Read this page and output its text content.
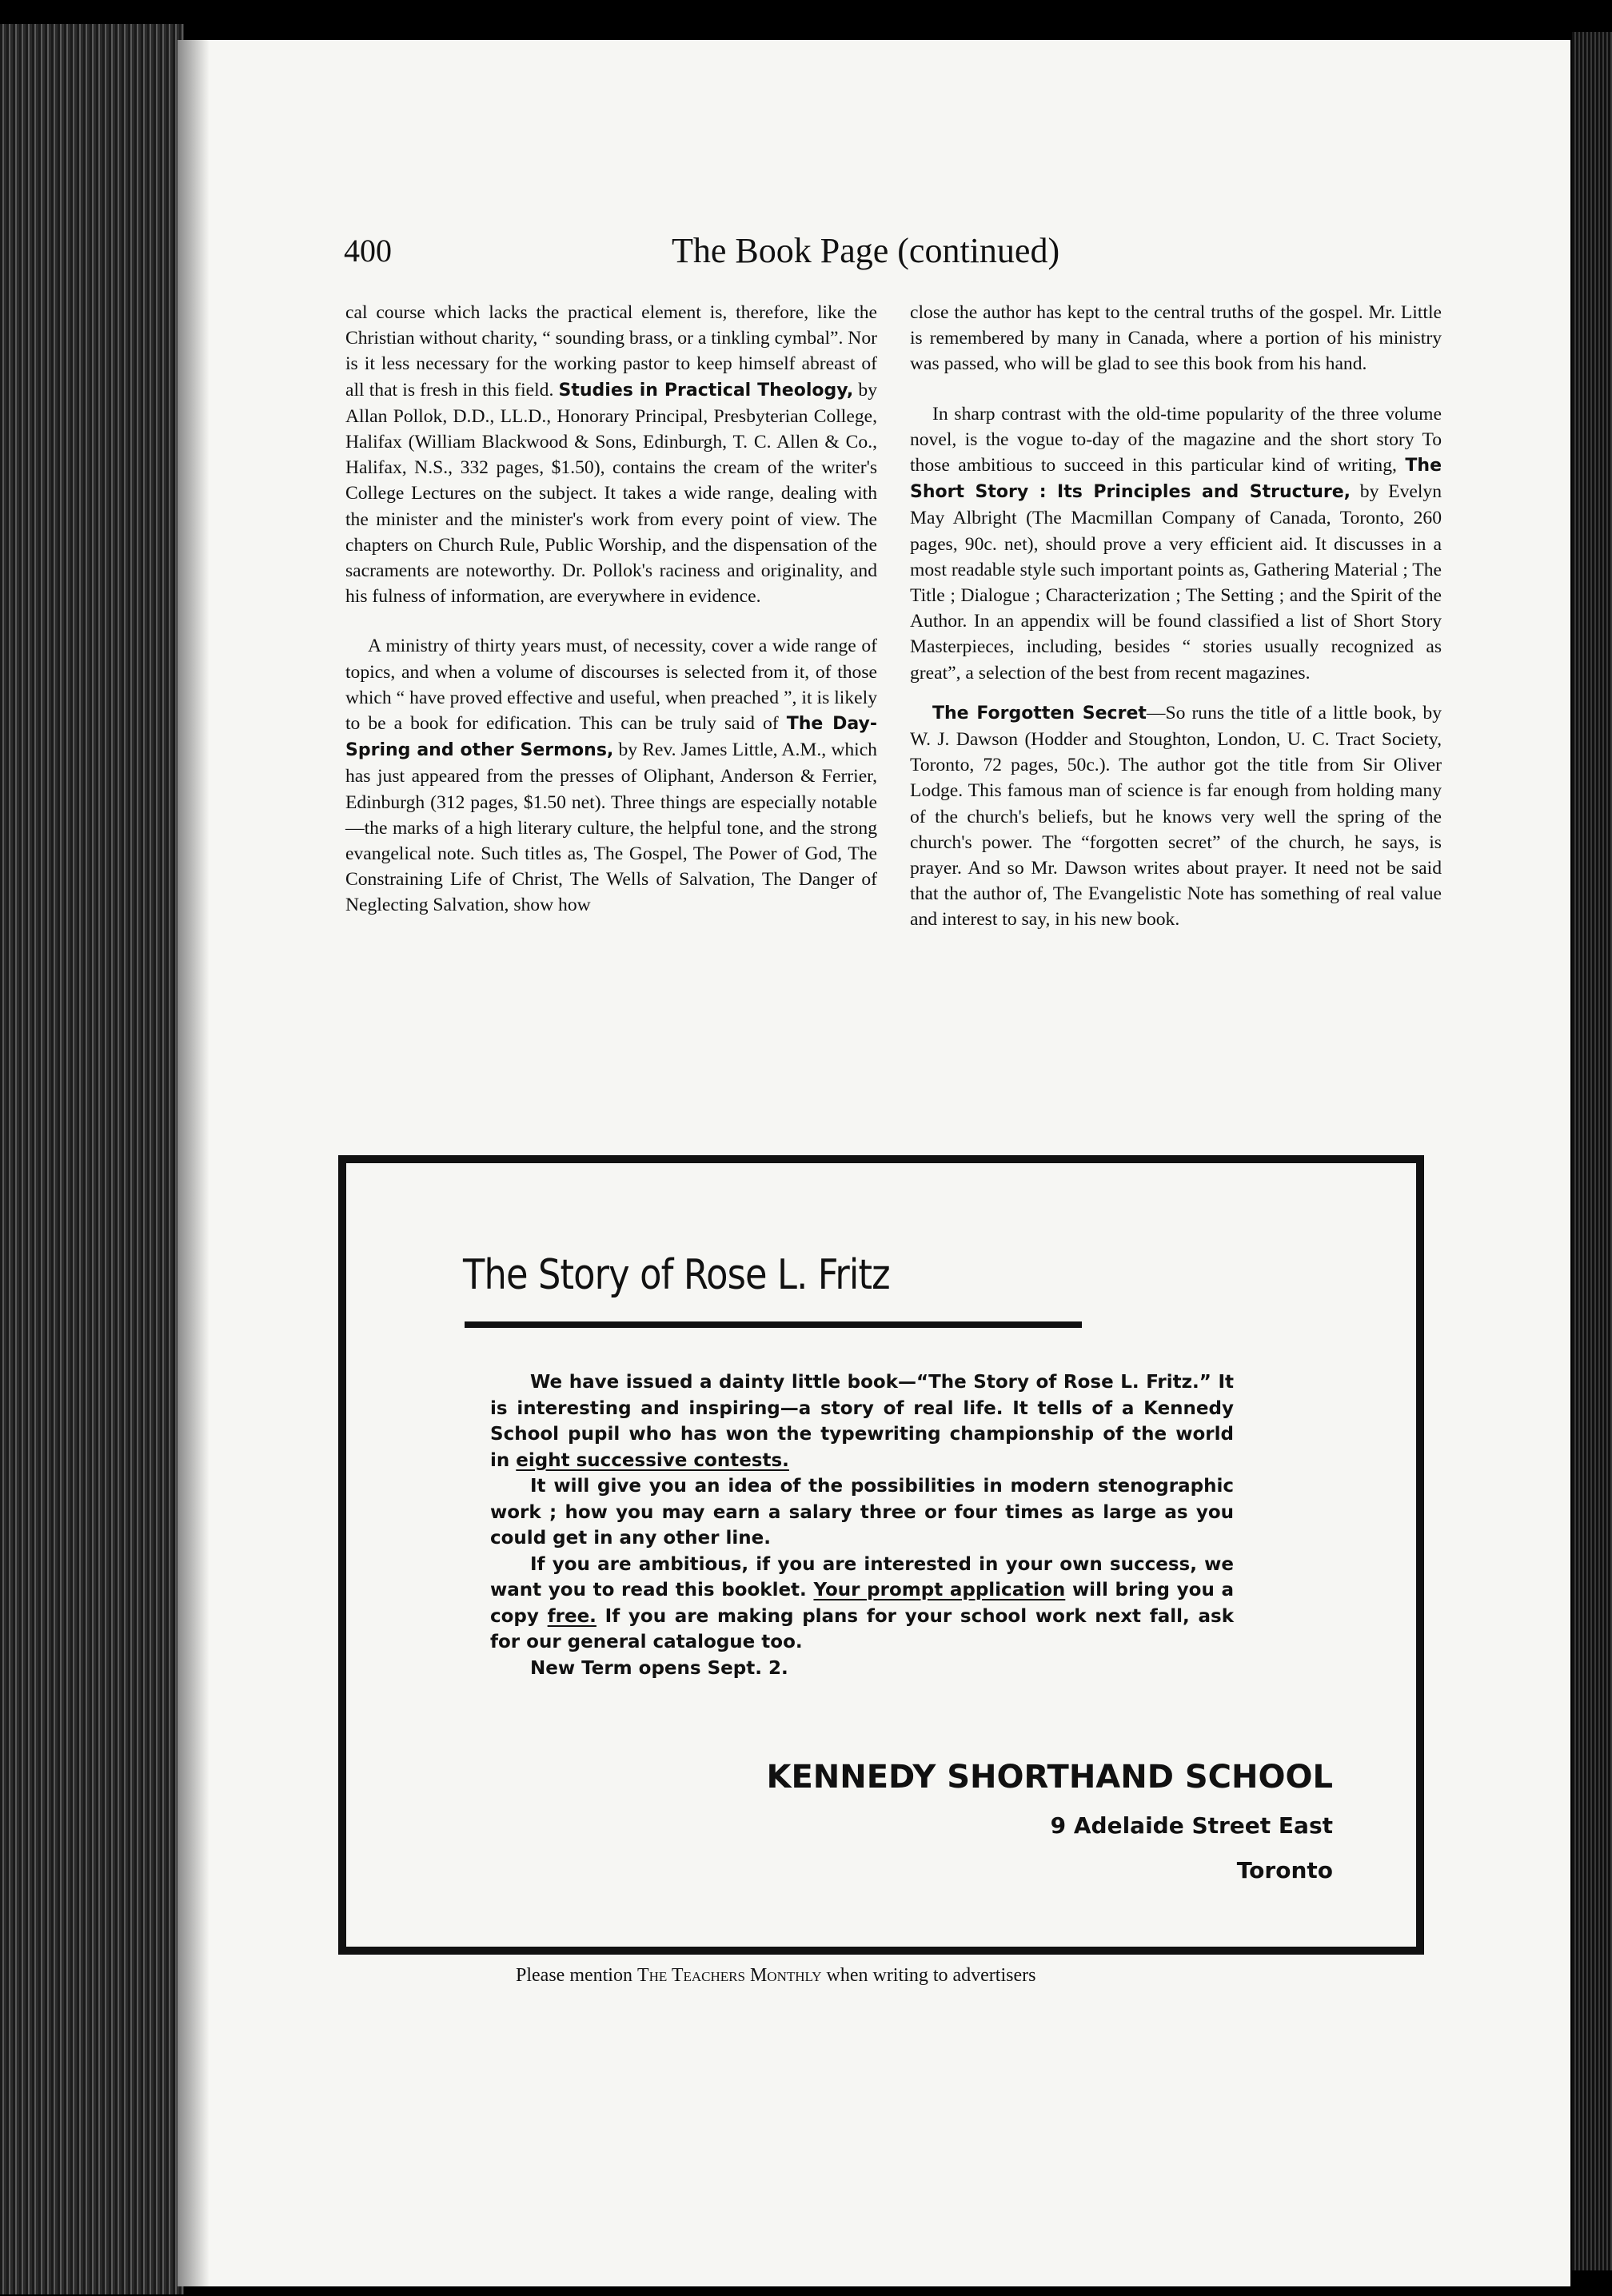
400	The Book Page (continued)

cal course which lacks the practical element is, therefore, like the Christian without charity, “ sounding brass, or a tinkling cymbal”. Nor is it less necessary for the working pastor to keep himself abreast of all that is fresh in this field. Studies in Practical Theology, by Allan Pollok, D.D., LL.D., Honorary Principal, Presbyterian College, Halifax (William Blackwood & Sons, Edinburgh, T. C. Allen & Co., Halifax, N.S., 332 pages, $1.50), contains the cream of the writer's College Lectures on the subject. It takes a wide range, dealing with the minister and the minister's work from every point of view. The chapters on Church Rule, Public Worship, and the dispensation of the sacraments are noteworthy. Dr. Pollok's raciness and originality, and his fulness of information, are everywhere in evidence.

A ministry of thirty years must, of necessity, cover a wide range of topics, and when a volume of discourses is selected from it, of those which “ have proved effective and useful, when preached ”, it is likely to be a book for edification. This can be truly said of The Day-Spring and other Sermons, by Rev. James Little, A.M., which has just appeared from the presses of Oliphant, Anderson & Ferrier, Edinburgh (312 pages, $1.50 net). Three things are especially notable—the marks of a high literary culture, the helpful tone, and the strong evangelical note. Such titles as, The Gospel, The Power of God, The Constraining Life of Christ, The Wells of Salvation, The Danger of Neglecting Salvation, show how

close the author has kept to the central truths of the gospel. Mr. Little is remembered by many in Canada, where a portion of his ministry was passed, who will be glad to see this book from his hand.

In sharp contrast with the old-time popularity of the three volume novel, is the vogue to-day of the magazine and the short story To those ambitious to succeed in this particular kind of writing, The Short Story : Its Principles and Structure, by Evelyn May Albright (The Macmillan Company of Canada, Toronto, 260 pages, 90c. net), should prove a very efficient aid. It discusses in a most readable style such important points as, Gathering Material ; The Title ; Dialogue ; Characterization ; The Setting ; and the Spirit of the Author. In an appendix will be found classified a list of Short Story Masterpieces, including, besides “ stories usually recognized as great”, a selection of the best from recent magazines.

The Forgotten Secret—So runs the title of a little book, by W. J. Dawson (Hodder and Stoughton, London, U. C. Tract Society, Toronto, 72 pages, 50c.). The author got the title from Sir Oliver Lodge. This famous man of science is far enough from holding many of the church's beliefs, but he knows very well the spring of the church's power. The “forgotten secret” of the church, he says, is prayer. And so Mr. Dawson writes about prayer. It need not be said that the author of, The Evangelistic Note has something of real value and interest to say, in his new book.

The Story of Rose L. Fritz

We have issued a dainty little book—“The Story of Rose L. Fritz.” It is interesting and inspiring—a story of real life. It tells of a Kennedy School pupil who has won the typewriting championship of the world in eight successive contests.

It will give you an idea of the possibilities in modern stenographic work ; how you may earn a salary three or four times as large as you could get in any other line.

If you are ambitious, if you are interested in your own success, we want you to read this booklet. Your prompt application will bring you a copy free. If you are making plans for your school work next fall, ask for our general catalogue too.

New Term opens Sept. 2.

KENNEDY SHORTHAND SCHOOL
9 Adelaide Street East
Toronto
Please mention The Teachers Monthly when writing to advertisers
